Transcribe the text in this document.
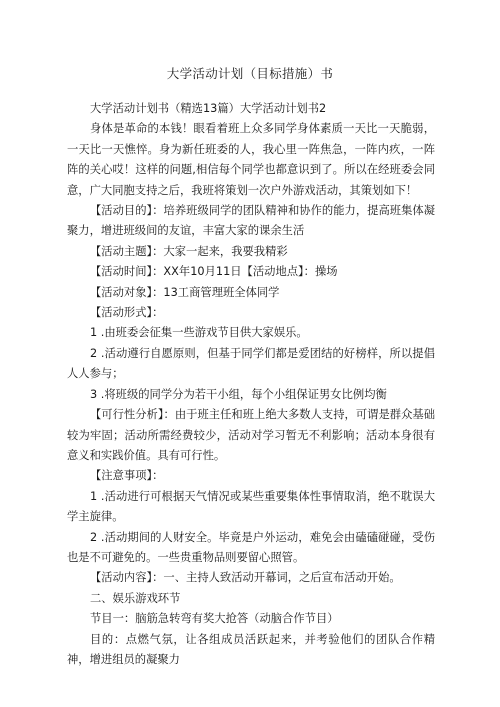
大学活动计划（目标措施）书

大学活动计划书（精选13篇）大学活动计划书2

身体是革命的本钱！眼看着班上众多同学身体素质一天比一天脆弱，一天比一天憔悴。身为新任班委的人，我心里一阵焦急，一阵内疚，一阵阵的关心哎！这样的问题,相信每个同学也都意识到了。所以在经班委会同意，广大同胞支持之后，我班将策划一次户外游戏活动，其策划如下！

【活动目的】：培养班级同学的团队精神和协作的能力，提高班集体凝聚力，增进班级间的友谊，丰富大家的课余生活

【活动主题】：大家一起来，我要我精彩

【活动时间】：XX年10月11日【活动地点】：操场

【活动对象】：13工商管理班全体同学

【活动形式】：

1 .由班委会征集一些游戏节目供大家娱乐。

2 .活动遵行自愿原则，但基于同学们都是爱团结的好榜样，所以提倡人人参与；

3 .将班级的同学分为若干小组，每个小组保证男女比例均衡

【可行性分析】：由于班主任和班上绝大多数人支持，可谓是群众基础较为牢固；活动所需经费较少，活动对学习暂无不利影响；活动本身很有意义和实践价值。具有可行性。

【注意事项】：

1 .活动进行可根据天气情况或某些重要集体性事情取消，绝不耽误大学主旋律。

2 .活动期间的人财安全。毕竟是户外运动，难免会由磕磕碰碰，受伤也是不可避免的。一些贵重物品则要留心照管。

【活动内容】：一、主持人致活动开幕词，之后宣布活动开始。

二、娱乐游戏环节

节目一：脑筋急转弯有奖大抢答（动脑合作节目）

目的：点燃气氛，让各组成员活跃起来，并考验他们的团队合作精神，增进组员的凝聚力
